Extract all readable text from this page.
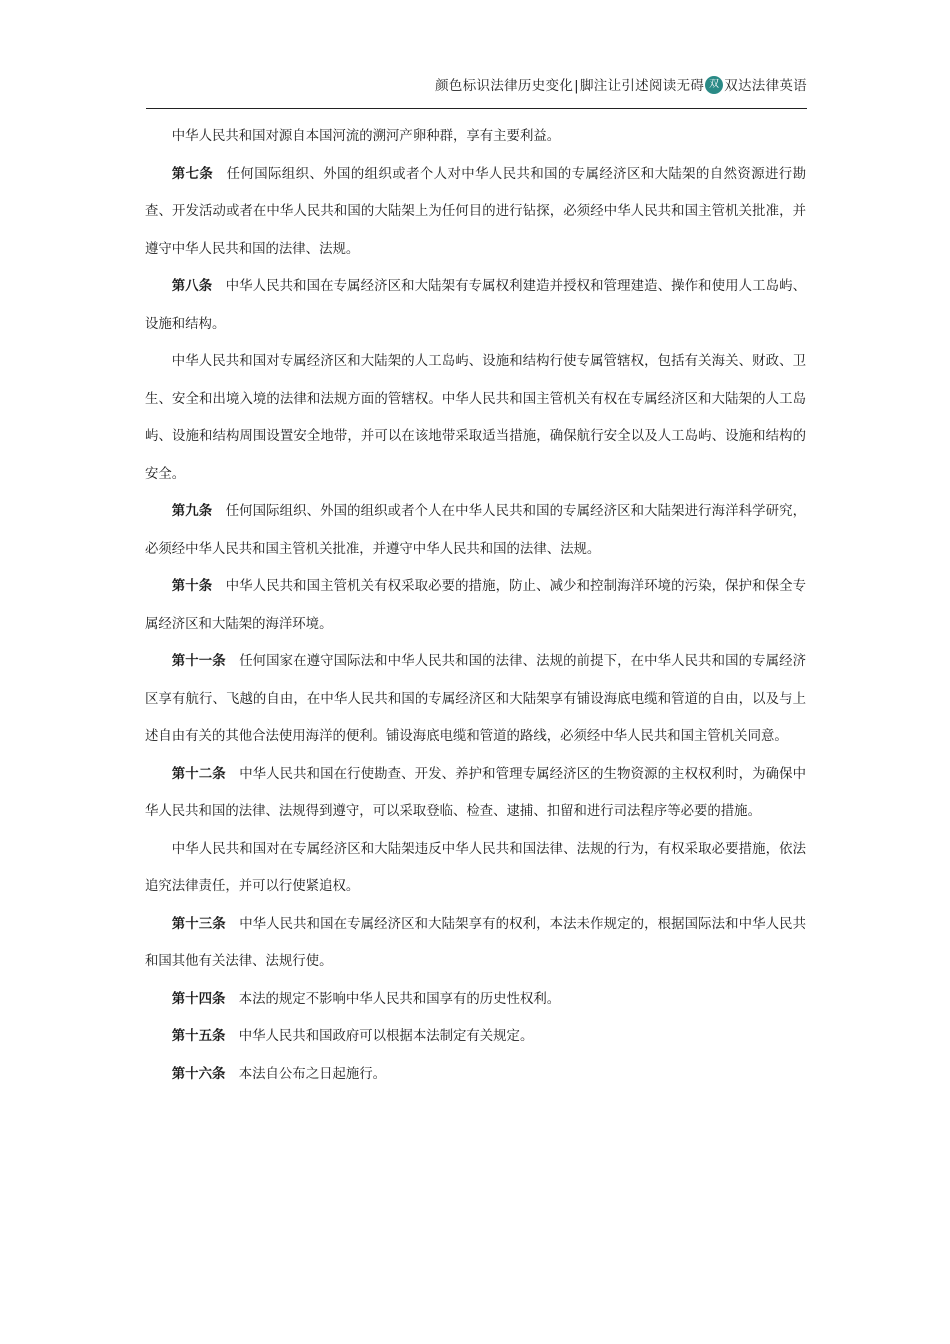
颜色标识法律历史变化|脚注让引述阅读无碍 双 双达法律英语

中华人民共和国对源自本国河流的溯河产卵种群，享有主要利益。

第七条 任何国际组织、外国的组织或者个人对中华人民共和国的专属经济区和大陆架的自然资源进行勘查、开发活动或者在中华人民共和国的大陆架上为任何目的进行钻探，必须经中华人民共和国主管机关批准，并遵守中华人民共和国的法律、法规。

第八条 中华人民共和国在专属经济区和大陆架有专属权利建造并授权和管理建造、操作和使用人工岛屿、设施和结构。

中华人民共和国对专属经济区和大陆架的人工岛屿、设施和结构行使专属管辖权，包括有关海关、财政、卫生、安全和出境入境的法律和法规方面的管辖权。中华人民共和国主管机关有权在专属经济区和大陆架的人工岛屿、设施和结构周围设置安全地带，并可以在该地带采取适当措施，确保航行安全以及人工岛屿、设施和结构的安全。

第九条 任何国际组织、外国的组织或者个人在中华人民共和国的专属经济区和大陆架进行海洋科学研究，必须经中华人民共和国主管机关批准，并遵守中华人民共和国的法律、法规。

第十条 中华人民共和国主管机关有权采取必要的措施，防止、减少和控制海洋环境的污染，保护和保全专属经济区和大陆架的海洋环境。

第十一条 任何国家在遵守国际法和中华人民共和国的法律、法规的前提下，在中华人民共和国的专属经济区享有航行、飞越的自由，在中华人民共和国的专属经济区和大陆架享有铺设海底电缆和管道的自由，以及与上述自由有关的其他合法使用海洋的便利。铺设海底电缆和管道的路线，必须经中华人民共和国主管机关同意。

第十二条 中华人民共和国在行使勘查、开发、养护和管理专属经济区的生物资源的主权权利时，为确保中华人民共和国的法律、法规得到遵守，可以采取登临、检查、逮捕、扣留和进行司法程序等必要的措施。

中华人民共和国对在专属经济区和大陆架违反中华人民共和国法律、法规的行为，有权采取必要措施，依法追究法律责任，并可以行使紧追权。

第十三条 中华人民共和国在专属经济区和大陆架享有的权利，本法未作规定的，根据国际法和中华人民共和国其他有关法律、法规行使。

第十四条 本法的规定不影响中华人民共和国享有的历史性权利。

第十五条 中华人民共和国政府可以根据本法制定有关规定。

第十六条 本法自公布之日起施行。
